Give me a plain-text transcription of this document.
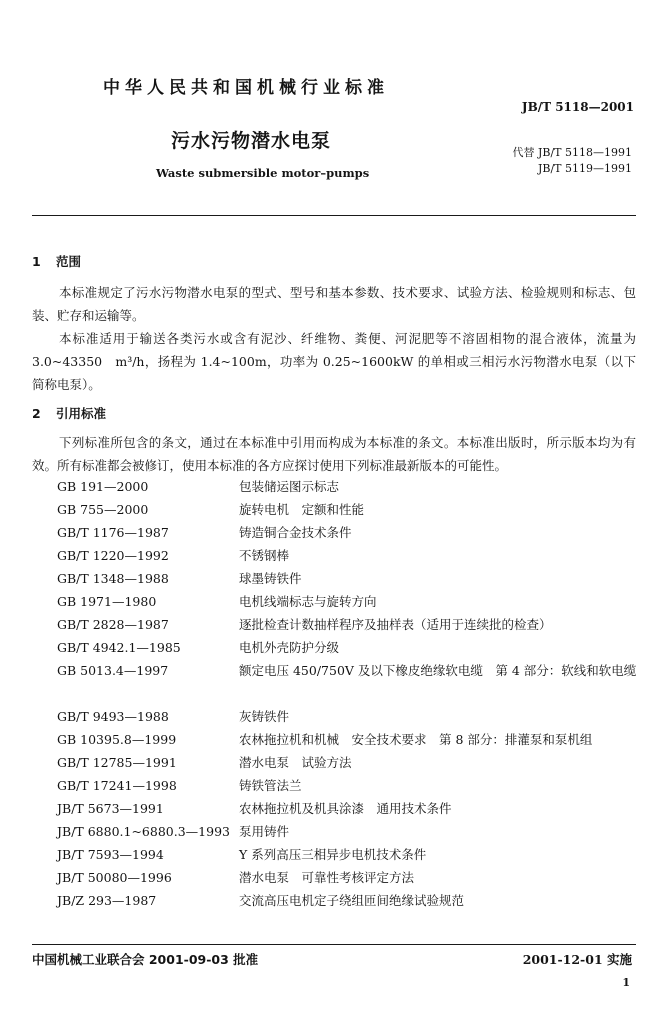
中华人民共和国机械行业标准
JB/T 5118—2001
污水污物潜水电泵
代替 JB/T 5118—1991
JB/T 5119—1991
Waste submersible motor–pumps
1 范围
本标准规定了污水污物潜水电泵的型式、型号和基本参数、技术要求、试验方法、检验规则和标志、包装、贮存和运输等。
本标准适用于输送各类污水或含有泥沙、纤维物、粪便、河泥肥等不溶固相物的混合液体，流量为 3.0~43350　m³/h，扬程为 1.4~100m，功率为 0.25~1600kW 的单相或三相污水污物潜水电泵（以下简称电泵）。
2 引用标准
下列标准所包含的条文，通过在本标准中引用而构成为本标准的条文。本标准出版时，所示版本均为有效。所有标准都会被修订，使用本标准的各方应探讨使用下列标准最新版本的可能性。
GB 191—2000	包装储运图示标志
GB 755—2000	旋转电机　定额和性能
GB/T 1176—1987	铸造铜合金技术条件
GB/T 1220—1992	不锈钢棒
GB/T 1348—1988	球墨铸铁件
GB 1971—1980	电机线端标志与旋转方向
GB/T 2828—1987	逐批检查计数抽样程序及抽样表（适用于连续批的检查）
GB/T 4942.1—1985	电机外壳防护分级
GB 5013.4—1997	额定电压 450/750V 及以下橡皮绝缘软电缆　第 4 部分：软线和软电缆
GB/T 9493—1988	灰铸铁件
GB 10395.8—1999	农林拖拉机和机械　安全技术要求　第 8 部分：排灌泵和泵机组
GB/T 12785—1991	潜水电泵　试验方法
GB/T 17241—1998	铸铁管法兰
JB/T 5673—1991	农林拖拉机及机具涂漆　通用技术条件
JB/T 6880.1~6880.3—1993 泵用铸件
JB/T 7593—1994	Y 系列高压三相异步电机技术条件
JB/T 50080—1996	潜水电泵　可靠性考核评定方法
JB/Z 293—1987	交流高压电机定子绕组匝间绝缘试验规范
中国机械工业联合会 2001-09-03 批准	2001-12-01 实施
1
